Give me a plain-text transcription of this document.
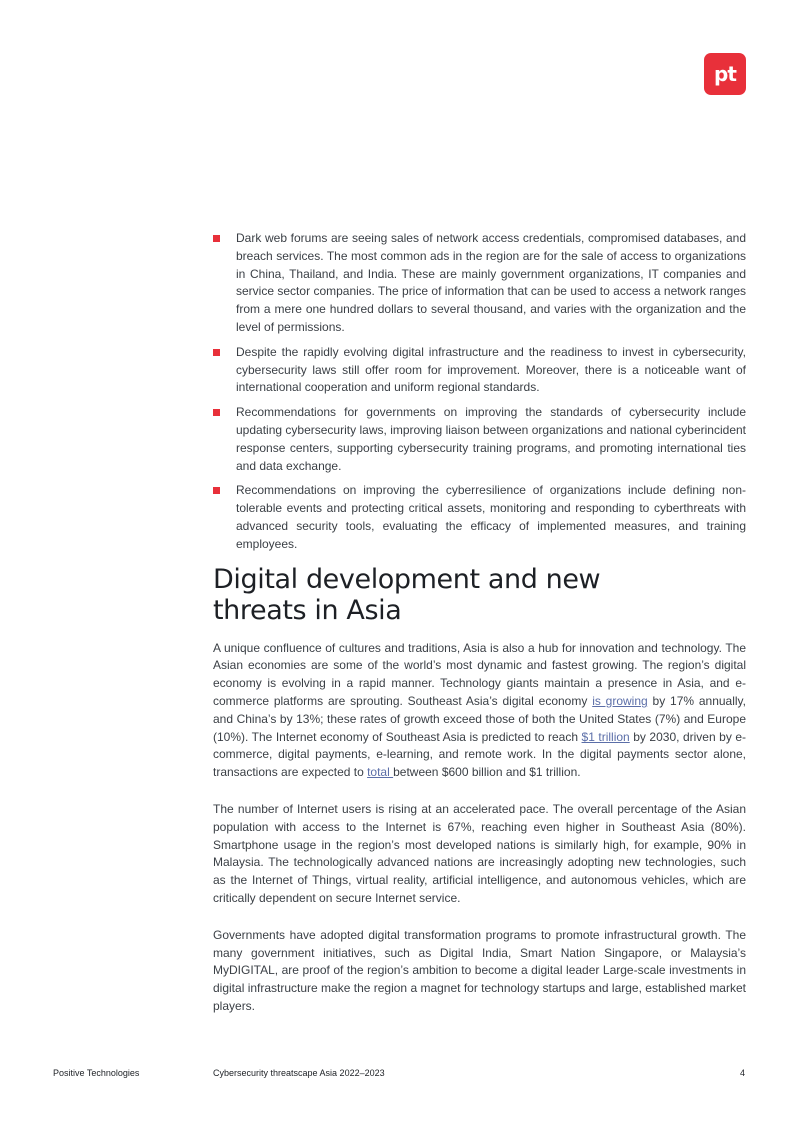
pt
Dark web forums are seeing sales of network access credentials, compromised databases, and breach services. The most common ads in the region are for the sale of access to organizations in China, Thailand, and India. These are mainly government organizations, IT companies and service sector companies. The price of information that can be used to access a network ranges from a mere one hundred dollars to several thousand, and varies with the organization and the level of permissions.
Despite the rapidly evolving digital infrastructure and the readiness to invest in cybersecurity, cybersecurity laws still offer room for improvement. Moreover, there is a noticeable want of international cooperation and uniform regional standards.
Recommendations for governments on improving the standards of cybersecurity include updating cybersecurity laws, improving liaison between organizations and national cyberincident response centers, supporting cybersecurity training programs, and promoting international ties and data exchange.
Recommendations on improving the cyberresilience of organizations include defining non-tolerable events and protecting critical assets, monitoring and responding to cyberthreats with advanced security tools, evaluating the efficacy of implemented measures, and training employees.
Digital development and new threats in Asia

A unique confluence of cultures and traditions, Asia is also a hub for innovation and technology. The Asian economies are some of the world’s most dynamic and fastest growing. The region’s digital economy is evolving in a rapid manner. Technology giants maintain a presence in Asia, and e-commerce platforms are sprouting. Southeast Asia’s digital economy is growing by 17% annually, and China’s by 13%; these rates of growth exceed those of both the United States (7%) and Europe (10%). The Internet economy of Southeast Asia is predicted to reach $1 trillion by 2030, driven by e-commerce, digital payments, e-learning, and remote work. In the digital payments sector alone, transactions are expected to total between $600 billion and $1 trillion.

The number of Internet users is rising at an accelerated pace. The overall percentage of the Asian population with access to the Internet is 67%, reaching even higher in Southeast Asia (80%). Smartphone usage in the region’s most developed nations is similarly high, for example, 90% in Malaysia. The technologically advanced nations are increasingly adopting new technologies, such as the Internet of Things, virtual reality, artificial intelligence, and autonomous vehicles, which are critically dependent on secure Internet service.

Governments have adopted digital transformation programs to promote infrastructural growth. The many government initiatives, such as Digital India, Smart Nation Singapore, or Malaysia’s MyDIGITAL, are proof of the region’s ambition to become a digital leader Large-scale investments in digital infrastructure make the region a magnet for technology startups and large, established market players.

Positive Technologies	Cybersecurity threatscape Asia 2022–2023	4
